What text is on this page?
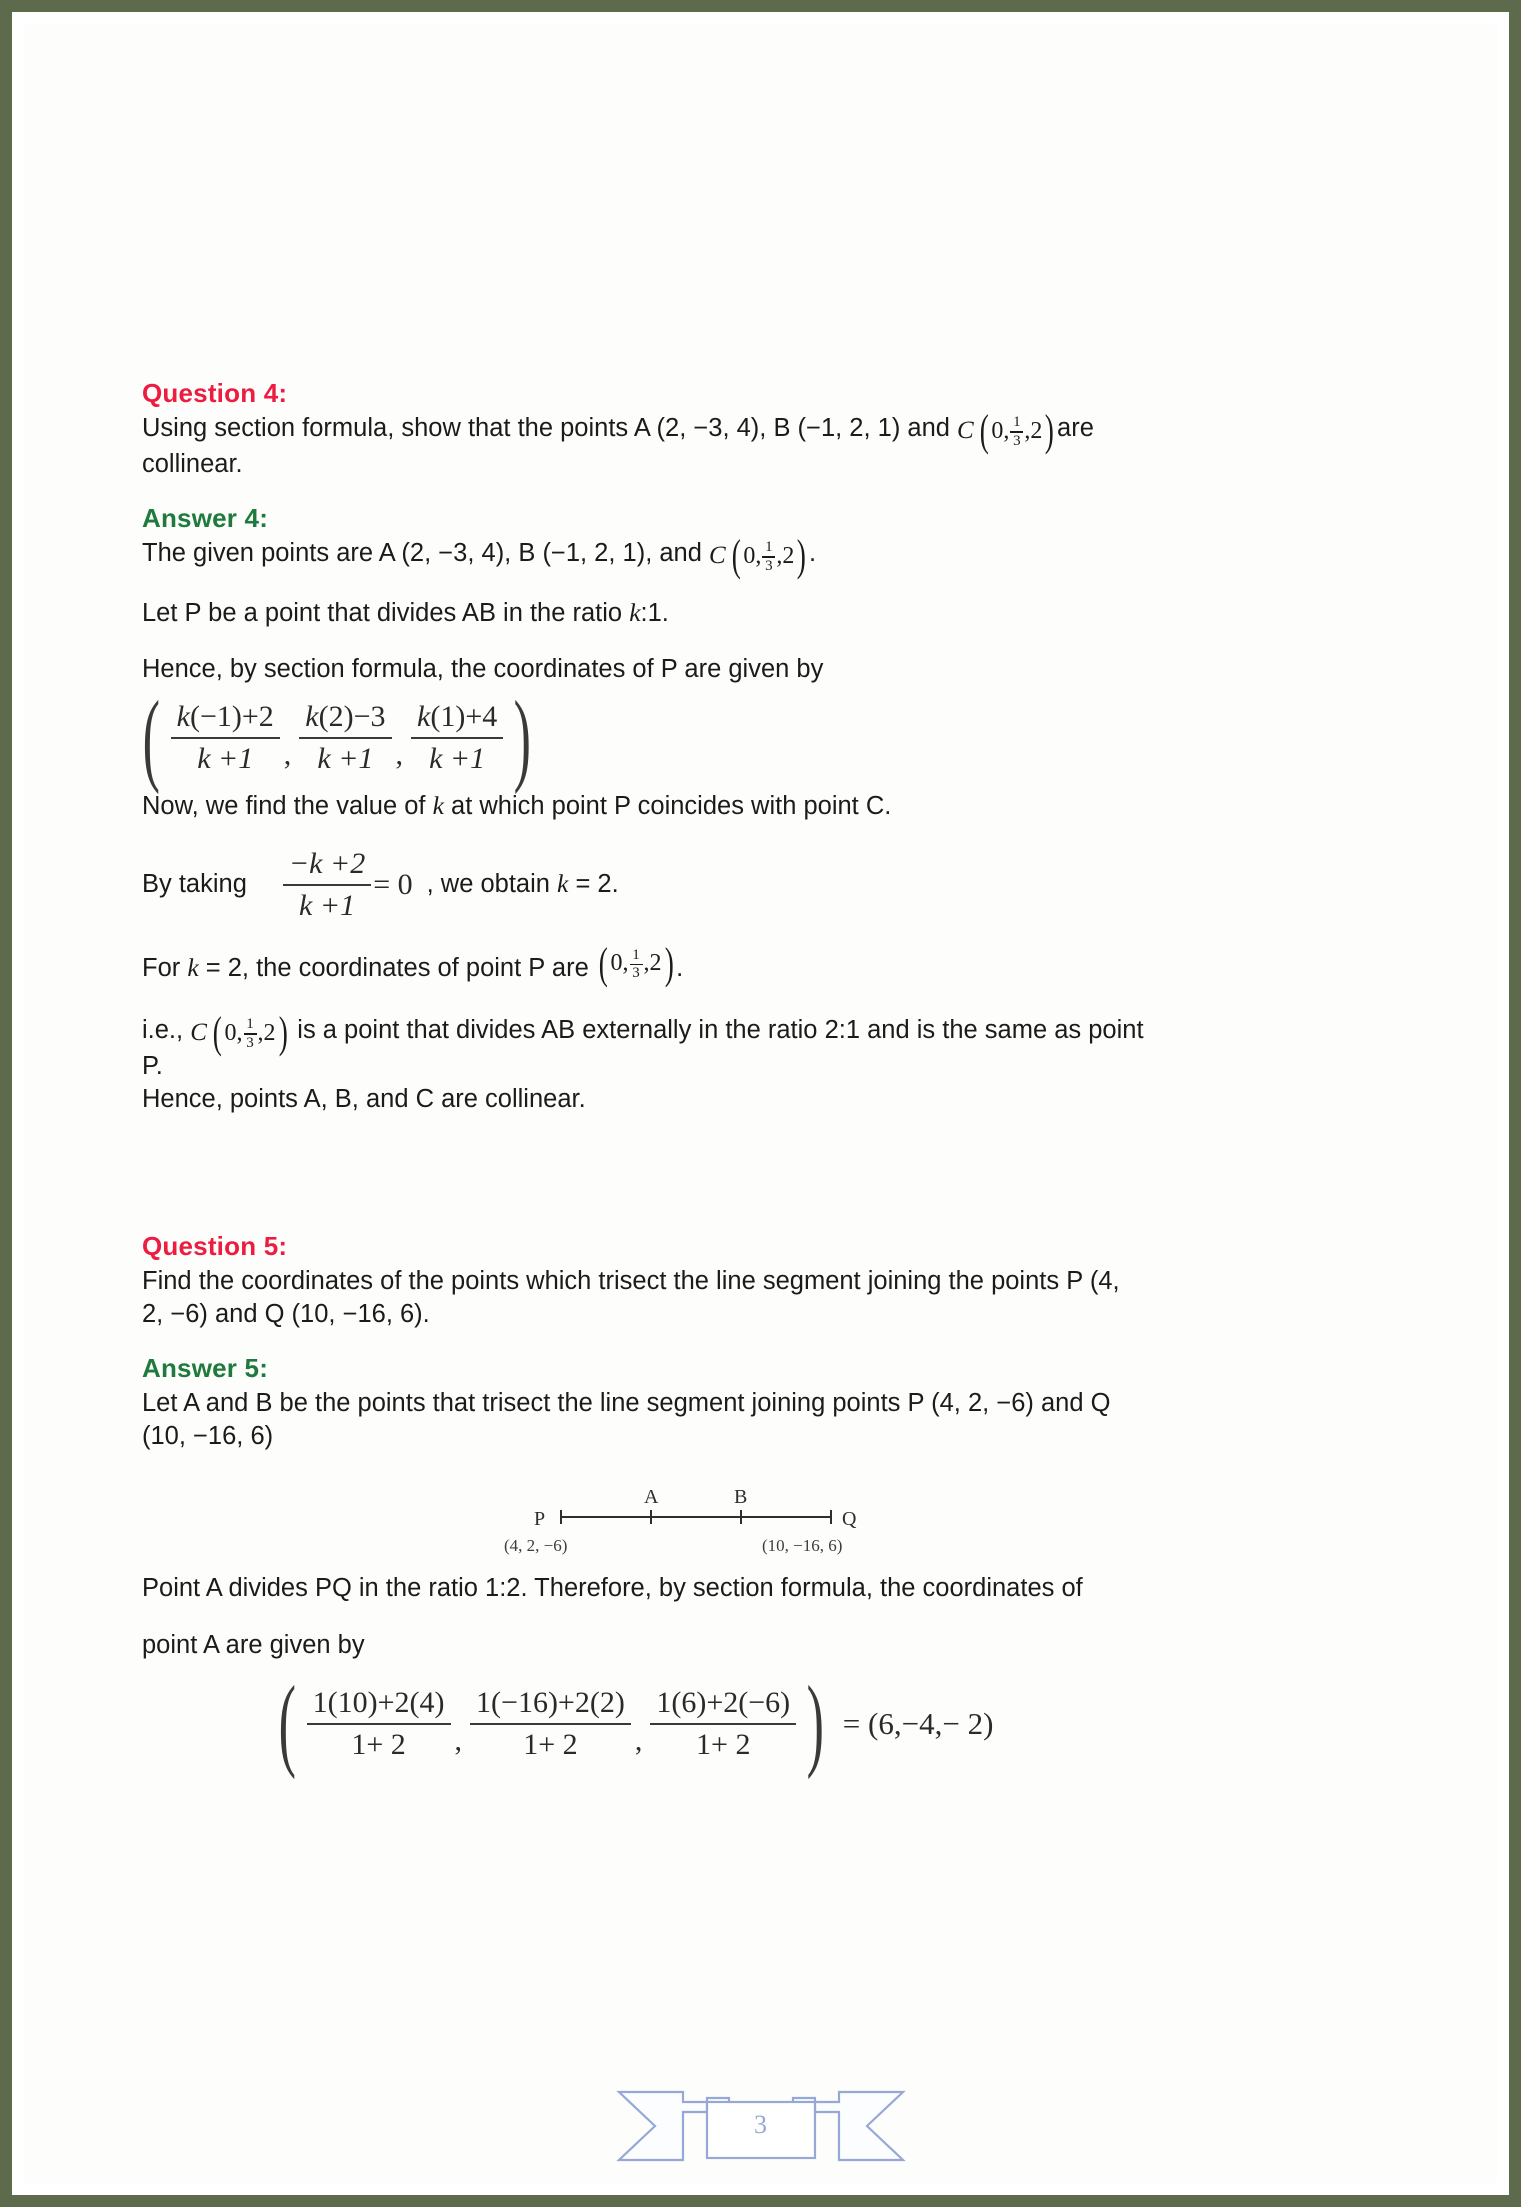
Question 4:

Using section formula, show that the points A (2, −3, 4), B (−1, 2, 1) and C ( 0, $\frac{1}{3} ,2$ ) are

collinear.

Answer 4:

The given points are A (2, −3, 4), B (−1, 2, 1), and C ( 0, $\frac{1}{3} ,2$ ) .

Let P be a point that divides AB in the ratio k:1.

Hence, by section formula, the coordinates of P are given by

( k(−1)+2
k +1 ,
k(2)−3
k +1 ,
k(1)+4
k +1 )

Now, we find the value of k at which point P coincides with point C.

By taking
−k +2
k +1
= 0 , we obtain k = 2.

For k = 2, the coordinates of point P are ( 0, $\frac{1}{3} ,2$ ) .

i.e., C ( 0, $\frac{1}{3} ,2$ ) is a point that divides AB externally in the ratio 2:1 and is the same as point

P.

Hence, points A, B, and C are collinear.

Question 5:

Find the coordinates of the points which trisect the line segment joining the points P (4,

2, −6) and Q (10, −16, 6).

Answer 5:

Let A and B be the points that trisect the line segment joining points P (4, 2, −6) and Q

(10, −16, 6)

P
A	B
Q
(4, 2, −6)	(10, −16, 6)

Point A divides PQ in the ratio 1:2. Therefore, by section formula, the coordinates of

point A are given by

( 1(10)+2(4)
1+ 2 ,
1(−16)+2(2)
1+ 2 ,
1(6)+2(−6)
1+ 2 ) =
(6,−4,− 2)
3
